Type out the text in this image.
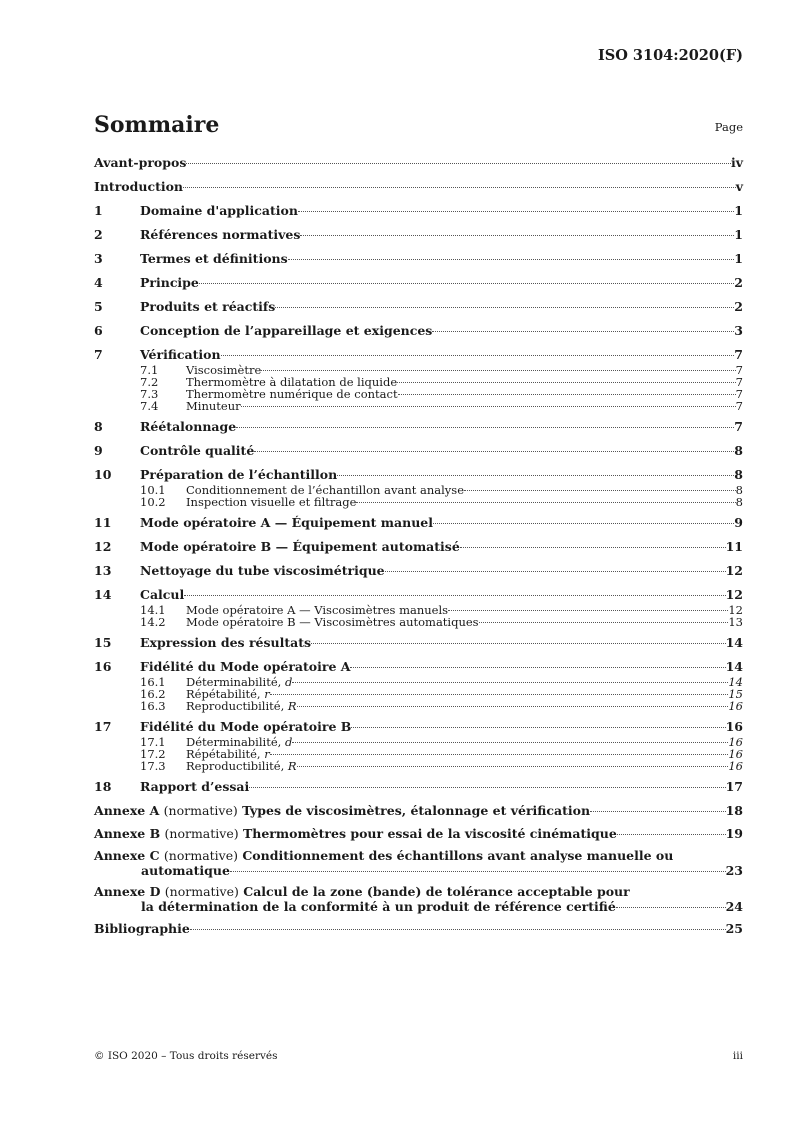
ISO 3104:2020(F)
Sommaire	Page
Avant-propos	iv
Introduction	v
1	Domaine d'application	1
2	Références normatives	1
3	Termes et définitions	1
4	Principe	2
5	Produits et réactifs	2
6	Conception de l’appareillage et exigences	3
7	Vérification	7
7.1	Viscosimètre	7
7.2	Thermomètre à dilatation de liquide	7
7.3	Thermomètre numérique de contact	7
7.4	Minuteur	7
8	Réétalonnage	7
9	Contrôle qualité	8
10	Préparation de l’échantillon	8
10.1	Conditionnement de l’échantillon avant analyse	8
10.2	Inspection visuelle et filtrage	8
11	Mode opératoire A — Équipement manuel	9
12	Mode opératoire B — Équipement automatisé	11
13	Nettoyage du tube viscosimétrique	12
14	Calcul	12
14.1	Mode opératoire A — Viscosimètres manuels	12
14.2	Mode opératoire B — Viscosimètres automatiques	13
15	Expression des résultats	14
16	Fidélité du Mode opératoire A	14
16.1	Déterminabilité, d	14
16.2	Répétabilité, r	15
16.3	Reproductibilité, R	16
17	Fidélité du Mode opératoire B	16
17.1	Déterminabilité, d	16
17.2	Répétabilité, r	16
17.3	Reproductibilité, R	16
18	Rapport d’essai	17
Annexe A (normative) Types de viscosimètres, étalonnage et vérification	18
Annexe B (normative) Thermomètres pour essai de la viscosité cinématique	19
Annexe C (normative) Conditionnement des échantillons avant analyse manuelle ou
automatique	23
Annexe D (normative) Calcul de la zone (bande) de tolérance acceptable pour
la détermination de la conformité à un produit de référence certifié	24
Bibliographie	25
© ISO 2020 – Tous droits réservés	iii
